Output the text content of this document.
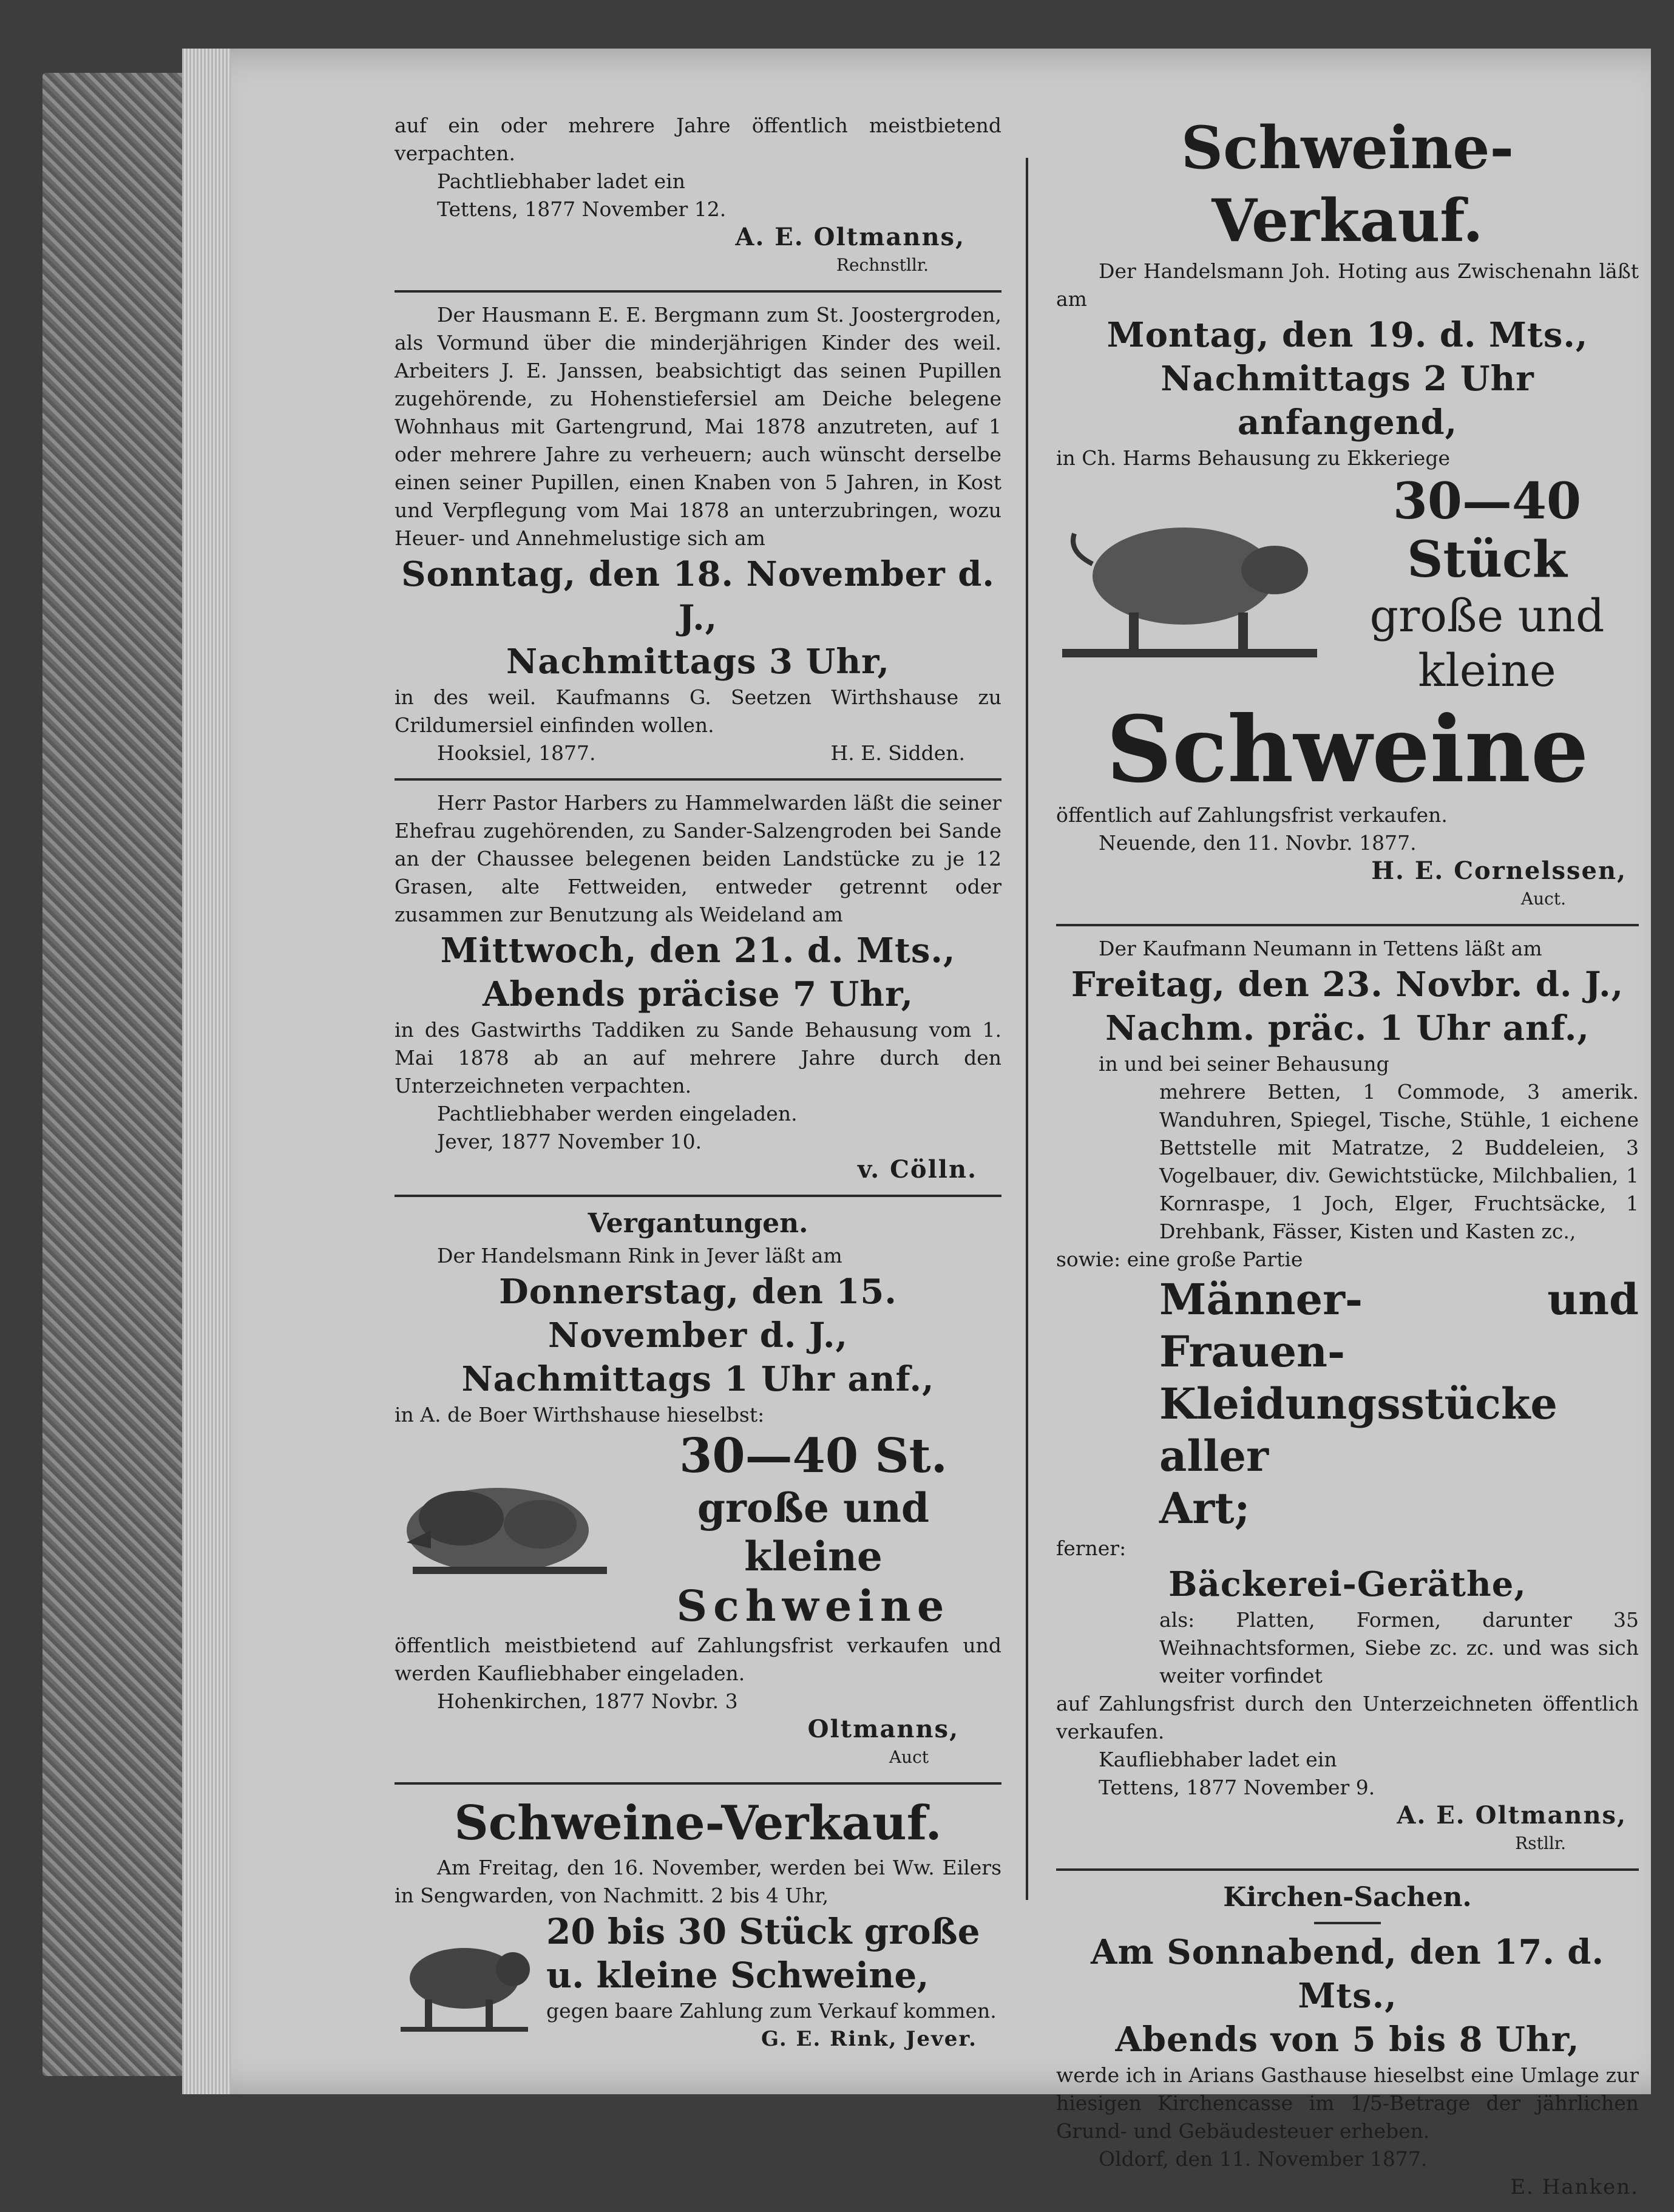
auf ein oder mehrere Jahre öffentlich meistbietend verpachten.

Pachtliebhaber ladet ein

Tettens, 1877 November 12.

A. E. Oltmanns,

Rechnstllr.

Der Hausmann E. E. Bergmann zum St. Joostergroden, als Vormund über die minderjährigen Kinder des weil. Arbeiters J. E. Janssen, beabsichtigt das seinen Pupillen zugehörende, zu Hohenstiefersiel am Deiche belegene Wohnhaus mit Gartengrund, Mai 1878 anzutreten, auf 1 oder mehrere Jahre zu verheuern; auch wünscht derselbe einen seiner Pupillen, einen Knaben von 5 Jahren, in Kost und Verpflegung vom Mai 1878 an unterzubringen, wozu Heuer- und Annehmelustige sich am

Sonntag, den 18. November d. J.,

Nachmittags 3 Uhr,

in des weil. Kaufmanns G. Seetzen Wirthshause zu Crildumersiel einfinden wollen.

Hooksiel, 1877.	H. E. Sidden.

Herr Pastor Harbers zu Hammelwarden läßt die seiner Ehefrau zugehörenden, zu Sander-Salzengroden bei Sande an der Chaussee belegenen beiden Landstücke zu je 12 Grasen, alte Fettweiden, entweder getrennt oder zusammen zur Benutzung als Weideland am

Mittwoch, den 21. d. Mts.,

Abends präcise 7 Uhr,

in des Gastwirths Taddiken zu Sande Behausung vom 1. Mai 1878 ab an auf mehrere Jahre durch den Unterzeichneten verpachten.

Pachtliebhaber werden eingeladen.

Jever, 1877 November 10.

v. Cölln.

Vergantungen.

Der Handelsmann Rink in Jever läßt am

Donnerstag, den 15. November d. J.,

Nachmittags 1 Uhr anf.,

in A. de Boer Wirthshause hieselbst:

30—40 St.
große und kleine
Schweine

öffentlich meistbietend auf Zahlungsfrist verkaufen und werden Kaufliebhaber eingeladen.

Hohenkirchen, 1877 Novbr. 3

Oltmanns,

Auct

Schweine-Verkauf.

Am Freitag, den 16. November, werden bei Ww. Eilers in Sengwarden, von Nachmitt. 2 bis 4 Uhr,

20 bis 30 Stück große
u. kleine Schweine,

gegen baare Zahlung zum Verkauf kommen.

G. E. Rink, Jever.

Schweine-Verkauf.

Der Handelsmann Joh. Hoting aus Zwischenahn läßt am

Montag, den 19. d. Mts.,

Nachmittags 2 Uhr anfangend,

in Ch. Harms Behausung zu Ekkeriege

30—40 Stück
große und
kleine

Schweine

öffentlich auf Zahlungsfrist verkaufen.

Neuende, den 11. Novbr. 1877.

H. E. Cornelssen,

Auct.

Der Kaufmann Neumann in Tettens läßt am

Freitag, den 23. Novbr. d. J.,

Nachm. präc. 1 Uhr anf.,

in und bei seiner Behausung

mehrere Betten, 1 Commode, 3 amerik. Wanduhren, Spiegel, Tische, Stühle, 1 eichene Bettstelle mit Matratze, 2 Buddeleien, 3 Vogelbauer, div. Gewichtstücke, Milchbalien, 1 Kornraspe, 1 Joch, Elger, Fruchtsäcke, 1 Drehbank, Fässer, Kisten und Kasten zc.,

sowie: eine große Partie

Männer- und Frauen-

Kleidungsstücke aller

Art;

ferner:

Bäckerei-Geräthe,

als: Platten, Formen, darunter 35 Weihnachtsformen, Siebe zc. zc. und was sich weiter vorfindet

auf Zahlungsfrist durch den Unterzeichneten öffentlich verkaufen.

Kaufliebhaber ladet ein

Tettens, 1877 November 9.

A. E. Oltmanns,

Rstllr.

Kirchen-Sachen.

Am Sonnabend, den 17. d. Mts.,

Abends von 5 bis 8 Uhr,

werde ich in Arians Gasthause hieselbst eine Umlage zur hiesigen Kirchencasse im 1/5-Betrage der jährlichen Grund- und Gebäudesteuer erheben.

Oldorf, den 11. November 1877.

E. Hanken.
